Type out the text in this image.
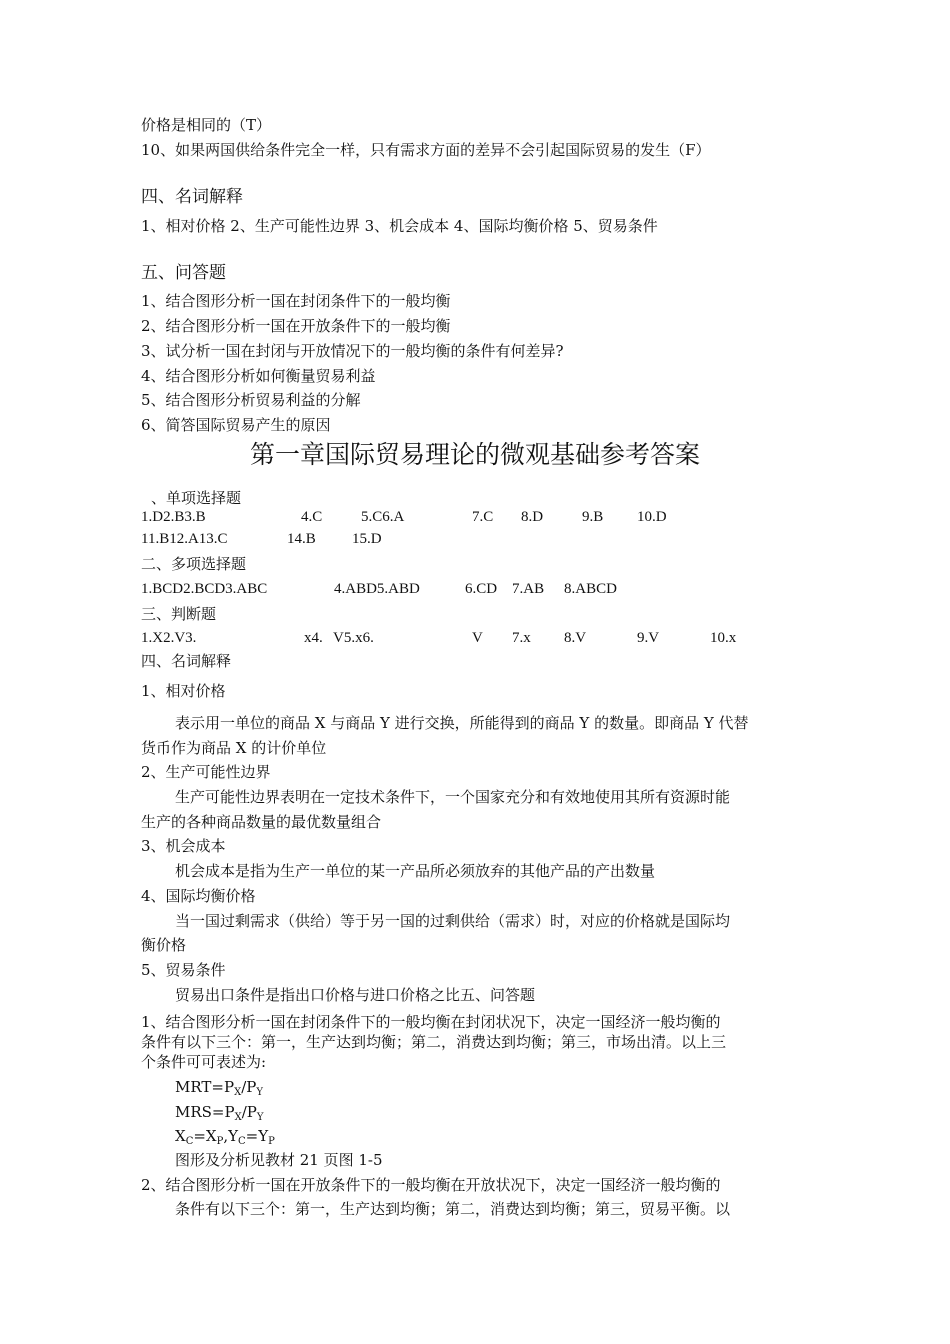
价格是相同的（T）
10、如果两国供给条件完全一样，只有需求方面的差异不会引起国际贸易的发生（F）
四、名词解释
1、相对价格 2、生产可能性边界 3、机会成本 4、国际均衡价格 5、贸易条件
五、问答题
1、结合图形分析一国在封闭条件下的一般均衡
2、结合图形分析一国在开放条件下的一般均衡
3、试分析一国在封闭与开放情况下的一般均衡的条件有何差异?
4、结合图形分析如何衡量贸易利益
5、结合图形分析贸易利益的分解
6、简答国际贸易产生的原因
第一章国际贸易理论的微观基础参考答案
、单项选择题
1.D2.B3.B	4.C	5.C6.A	7.C 8.D	9.B 10.D
11.B12.A13.C	14.B 15.D
二、多项选择题
1.BCD2.BCD3.ABC	4.ABD5.ABD	6.CD 7.AB 8.ABCD
三、判断题
1.X2.V3.	x4. V5.x6.	V 7.x 8.V	9.V	10.x
四、名词解释
1、相对价格
表示用一单位的商品 X 与商品 Y 进行交换，所能得到的商品 Y 的数量。即商品 Y 代替
货币作为商品 X 的计价单位
2、生产可能性边界
生产可能性边界表明在一定技术条件下，一个国家充分和有效地使用其所有资源时能
生产的各种商品数量的最优数量组合
3、机会成本
机会成本是指为生产一单位的某一产品所必须放弃的其他产品的产出数量
4、国际均衡价格
当一国过剩需求（供给）等于另一国的过剩供给（需求）时，对应的价格就是国际均
衡价格
5、贸易条件
贸易出口条件是指出口价格与进口价格之比五、问答题
1、结合图形分析一国在封闭条件下的一般均衡在封闭状况下，决定一国经济一般均衡的
条件有以下三个：第一，生产达到均衡；第二，消费达到均衡；第三，市场出清。以上三
个条件可可表述为:
$MRT=P_X/P_Y$
$MRS=P_X/P_Y$
$X_C=X_P,Y_C=Y_P$
图形及分析见教材 21 页图 1-5
2、结合图形分析一国在开放条件下的一般均衡在开放状况下，决定一国经济一般均衡的
条件有以下三个：第一，生产达到均衡；第二，消费达到均衡；第三，贸易平衡。以
